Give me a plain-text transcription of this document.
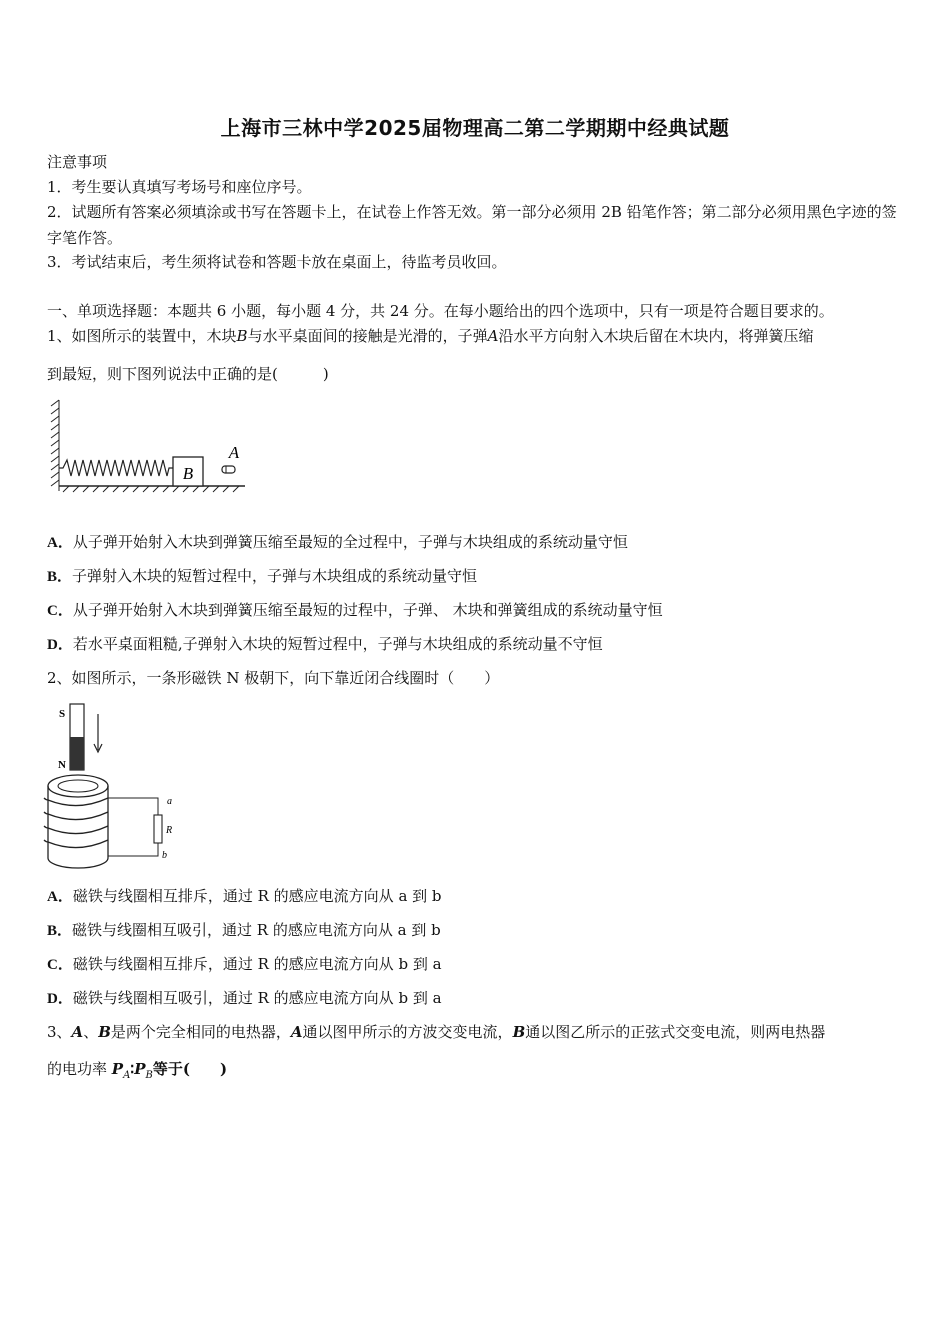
上海市三林中学2025届物理高二第二学期期中经典试题
注意事项
1．考生要认真填写考场号和座位序号。
2．试题所有答案必须填涂或书写在答题卡上，在试卷上作答无效。第一部分必须用 2B 铅笔作答；第二部分必须用黑色字迹的签字笔作答。
3．考试结束后，考生须将试卷和答题卡放在桌面上，待监考员收回。
一、单项选择题：本题共 6 小题，每小题 4 分，共 24 分。在每小题给出的四个选项中，只有一项是符合题目要求的。
1、如图所示的装置中，木块B与水平桌面间的接触是光滑的，子弹A沿水平方向射入木块后留在木块内，将弹簧压缩
到最短，则下图列说法中正确的是(　　　)
B
A
A．从子弹开始射入木块到弹簧压缩至最短的全过程中，子弹与木块组成的系统动量守恒
B．子弹射入木块的短暂过程中，子弹与木块组成的系统动量守恒
C．从子弹开始射入木块到弹簧压缩至最短的过程中，子弹、 木块和弹簧组成的系统动量守恒
D．若水平桌面粗糙,子弹射入木块的短暂过程中，子弹与木块组成的系统动量不守恒
2、如图所示，一条形磁铁 N 极朝下，向下靠近闭合线圈时（　　）
S
N
a
R
b
A．磁铁与线圈相互排斥，通过 R 的感应电流方向从 a 到 b
B．磁铁与线圈相互吸引，通过 R 的感应电流方向从 a 到 b
C．磁铁与线圈相互排斥，通过 R 的感应电流方向从 b 到 a
D．磁铁与线圈相互吸引，通过 R 的感应电流方向从 b 到 a
3、A、B是两个完全相同的电热器，A通以图甲所示的方波交变电流，B通以图乙所示的正弦式交变电流，则两电热器
的电功率 $P_A∶P_B$等于(　　)
